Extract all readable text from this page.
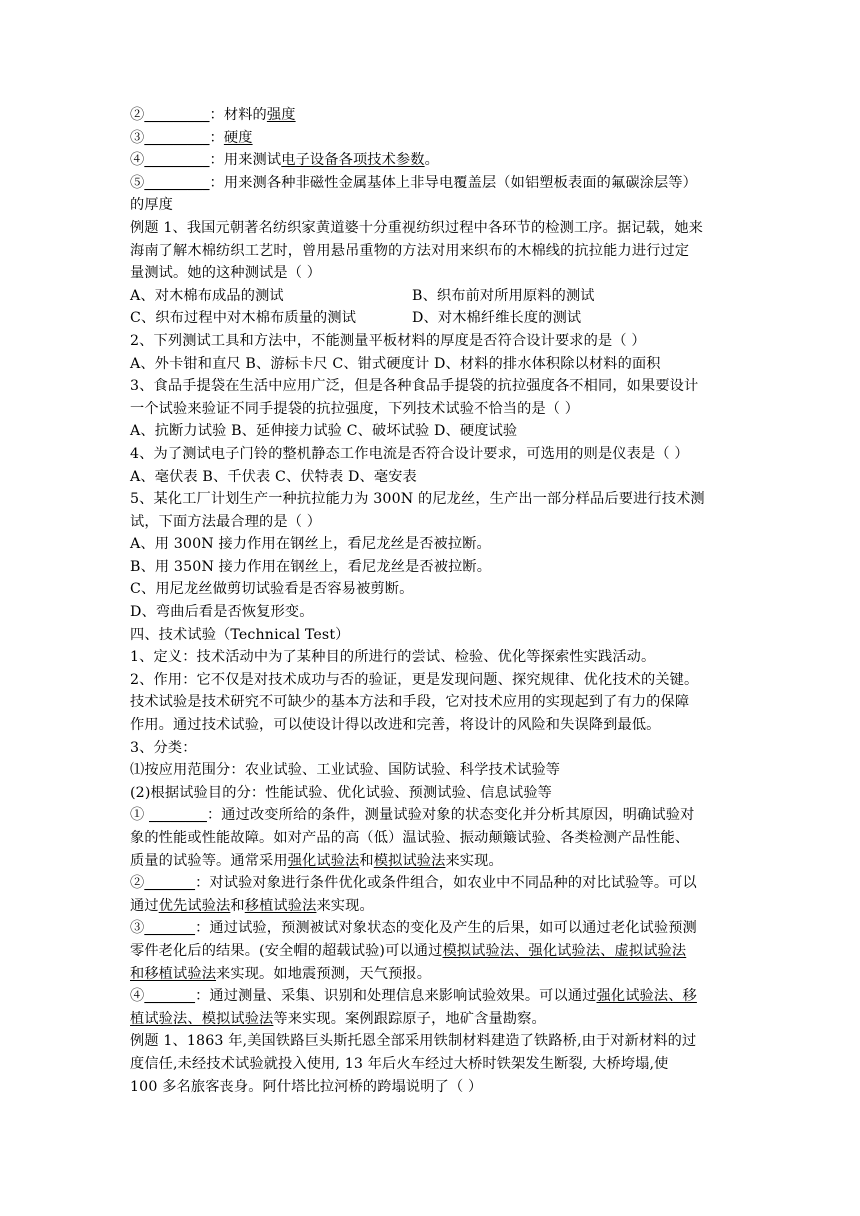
②_________：材料的强度
③_________：硬度
④_________：用来测试电子设备各项技术参数。
⑤_________：用来测各种非磁性金属基体上非导电覆盖层（如铝塑板表面的氟碳涂层等）
的厚度
例题 1、我国元朝著名纺织家黄道婆十分重视纺织过程中各环节的检测工序。据记载，她来
海南了解木棉纺织工艺时，曾用悬吊重物的方法对用来织布的木棉线的抗拉能力进行过定
量测试。她的这种测试是（ ）
A、对木棉布成品的测试	B、织布前对所用原料的测试
C、织布过程中对木棉布质量的测试	D、对木棉纤维长度的测试
2、下列测试工具和方法中，不能测量平板材料的厚度是否符合设计要求的是（ ）
A、外卡钳和直尺 B、游标卡尺 C、钳式硬度计 D、材料的排水体积除以材料的面积
3、食品手提袋在生活中应用广泛，但是各种食品手提袋的抗拉强度各不相同，如果要设计
一个试验来验证不同手提袋的抗拉强度，下列技术试验不恰当的是（ ）
A、抗断力试验 B、延伸接力试验 C、破坏试验 D、硬度试验
4、为了测试电子门铃的整机静态工作电流是否符合设计要求，可选用的则是仪表是（ ）
A、毫伏表 B、千伏表 C、伏特表 D、毫安表
5、某化工厂计划生产一种抗拉能力为 300N 的尼龙丝，生产出一部分样品后要进行技术测
试，下面方法最合理的是（ ）
A、用 300N 接力作用在钢丝上，看尼龙丝是否被拉断。
B、用 350N 接力作用在钢丝上，看尼龙丝是否被拉断。
C、用尼龙丝做剪切试验看是否容易被剪断。
D、弯曲后看是否恢复形变。
四、技术试验（Technical Test）
1、定义：技术活动中为了某种目的所进行的尝试、检验、优化等探索性实践活动。
2、作用：它不仅是对技术成功与否的验证，更是发现问题、探究规律、优化技术的关键。
技术试验是技术研究不可缺少的基本方法和手段，它对技术应用的实现起到了有力的保障
作用。通过技术试验，可以使设计得以改进和完善，将设计的风险和失误降到最低。
3、分类：
⑴按应用范围分：农业试验、工业试验、国防试验、科学技术试验等
(2)根据试验目的分：性能试验、优化试验、预测试验、信息试验等
① ________：通过改变所给的条件，测量试验对象的状态变化并分析其原因，明确试验对
象的性能或性能故障。如对产品的高（低）温试验、振动颠簸试验、各类检测产品性能、
质量的试验等。通常采用强化试验法和模拟试验法来实现。
②_______：对试验对象进行条件优化或条件组合，如农业中不同品种的对比试验等。可以
通过优先试验法和移植试验法来实现。
③_______：通过试验，预测被试对象状态的变化及产生的后果，如可以通过老化试验预测
零件老化后的结果。(安全帽的超载试验)可以通过模拟试验法、强化试验法、虚拟试验法
和移植试验法来实现。如地震预测，天气预报。
④_______：通过测量、采集、识别和处理信息来影响试验效果。可以通过强化试验法、移
植试验法、模拟试验法等来实现。案例跟踪原子，地矿含量勘察。
例题 1、1863 年,美国铁路巨头斯托恩全部采用铁制材料建造了铁路桥,由于对新材料的过
度信任,未经技术试验就投入使用, 13 年后火车经过大桥时铁架发生断裂, 大桥垮塌,使
100 多名旅客丧身。阿什塔比拉河桥的跨塌说明了（ ）
